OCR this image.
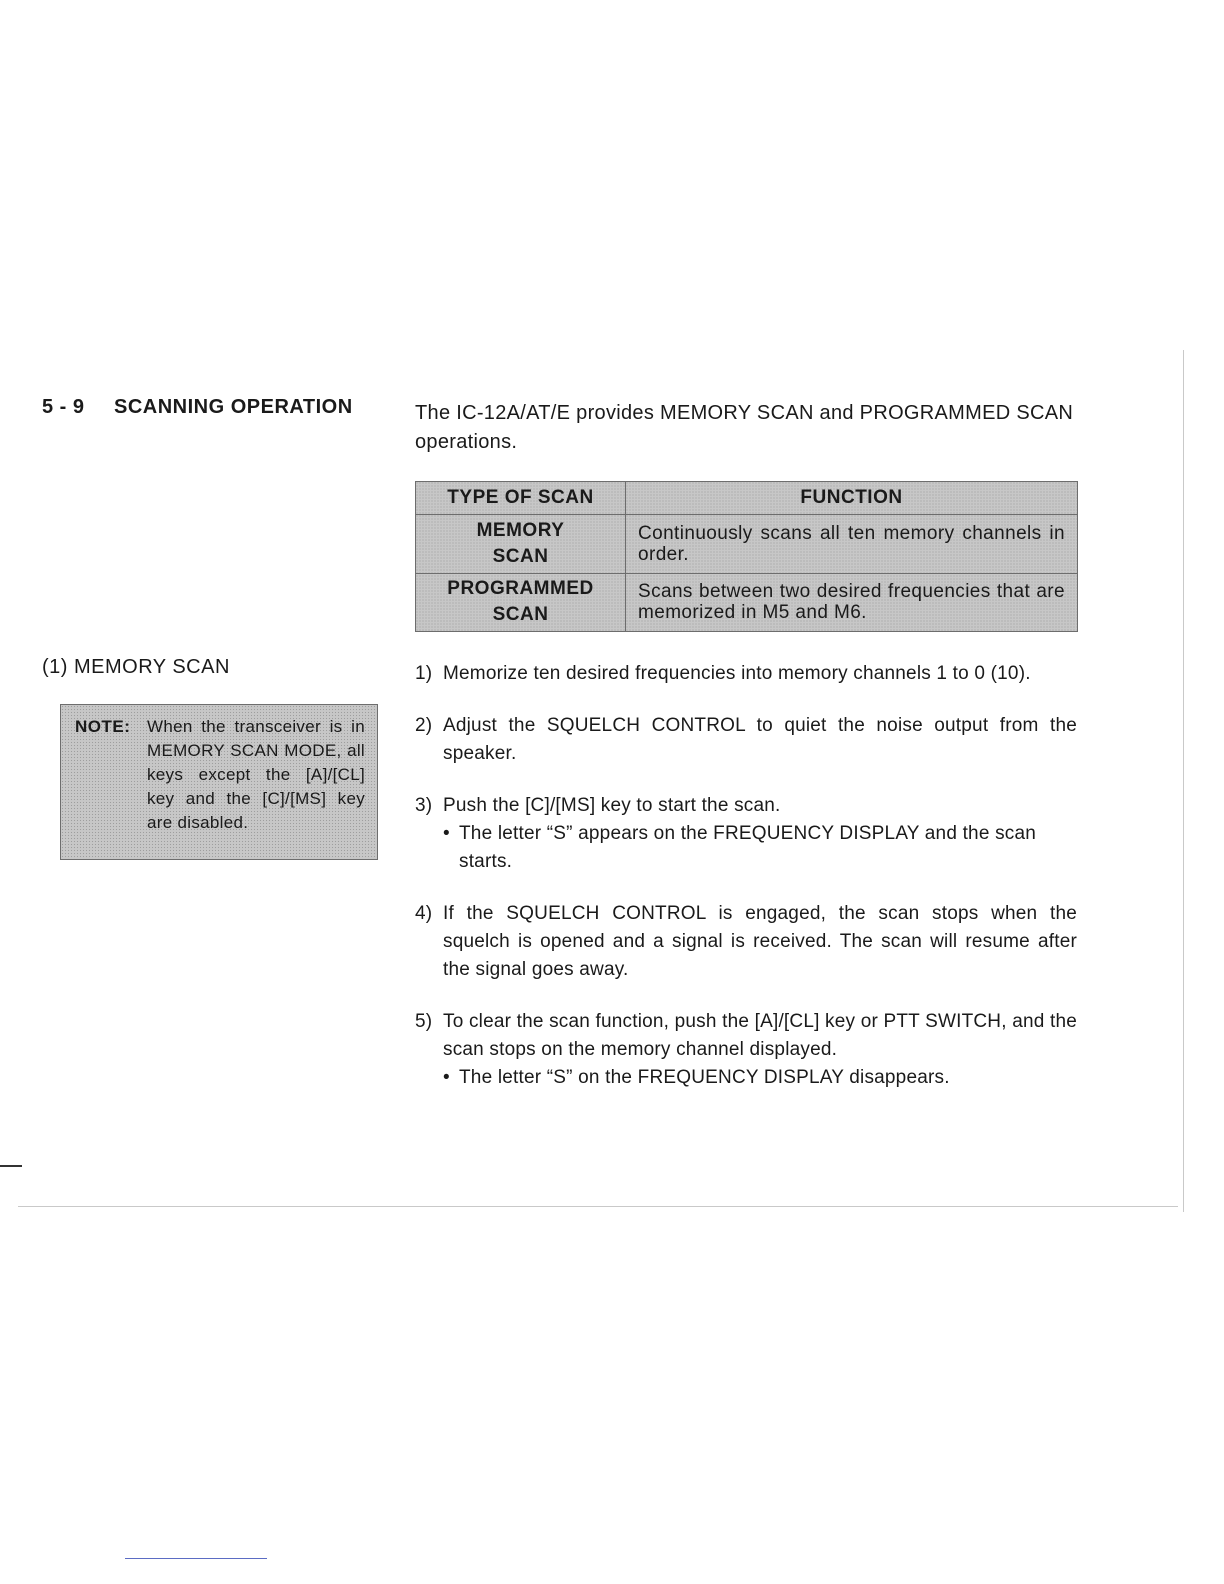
5 - 9 SCANNING OPERATION	The IC-12A/AT/E provides MEMORY SCAN and PROGRAMMED SCAN operations.
TYPE OF SCAN	FUNCTION
MEMORY
SCAN	Continuously scans all ten memory channels in order.
PROGRAMMED
SCAN	Scans between two desired frequencies that are memorized in M5 and M6.
(1) MEMORY SCAN
NOTE: When the transceiver is in MEMORY SCAN MODE, all keys except the [A]/[CL] key and the [C]/[MS] key are disabled.
1) Memorize ten desired frequencies into memory channels 1 to 0 (10).
2) Adjust the SQUELCH CONTROL to quiet the noise output from the speaker.
3) Push the [C]/[MS] key to start the scan.
• The letter “S” appears on the FREQUENCY DISPLAY and the scan starts.
4) If the SQUELCH CONTROL is engaged, the scan stops when the squelch is opened and a signal is received. The scan will resume after the signal goes away.
5) To clear the scan function, push the [A]/[CL] key or PTT SWITCH, and the scan stops on the memory channel displayed.
• The letter “S” on the FREQUENCY DISPLAY disappears.
